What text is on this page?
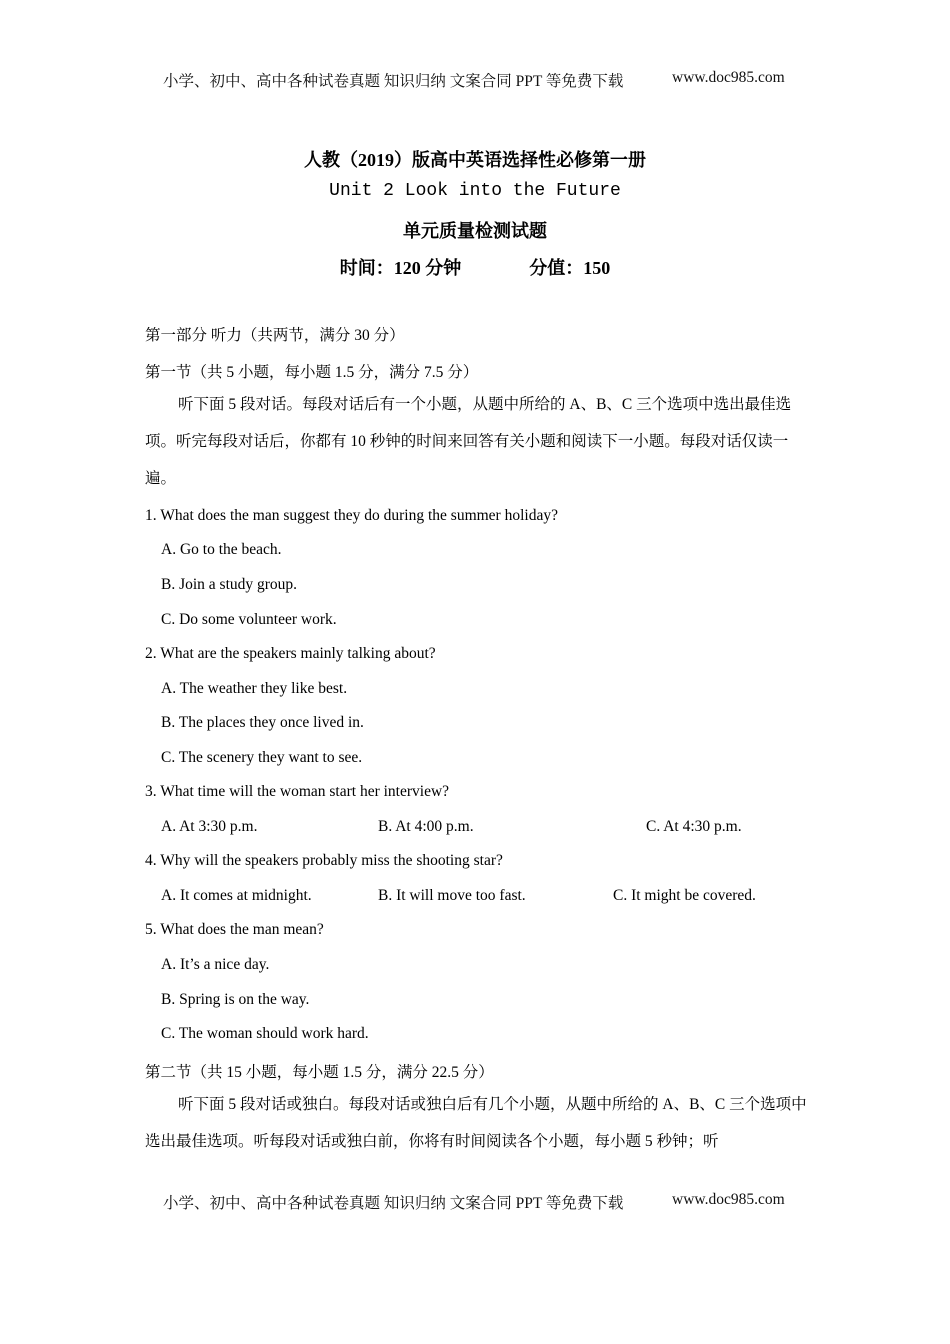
小学、初中、高中各种试卷真题 知识归纳 文案合同 PPT 等免费下载	www.doc985.com
人教（2019）版高中英语选择性必修第一册
Unit 2 Look into the Future
单元质量检测试题
时间：120 分钟	分值：150
第一部分 听力（共两节，满分 30 分）
第一节（共 5 小题，每小题 1.5 分，满分 7.5 分）
听下面 5 段对话。每段对话后有一个小题，从题中所给的 A、B、C 三个选项中选出最佳选项。听完每段对话后，你都有 10 秒钟的时间来回答有关小题和阅读下一小题。每段对话仅读一遍。
1. What does the man suggest they do during the summer holiday?
A. Go to the beach.
B. Join a study group.
C. Do some volunteer work.
2. What are the speakers mainly talking about?
A. The weather they like best.
B. The places they once lived in.
C. The scenery they want to see.
3. What time will the woman start her interview?
A. At 3:30 p.m.	B. At 4:00 p.m.	C. At 4:30 p.m.
4. Why will the speakers probably miss the shooting star?
A. It comes at midnight.	B. It will move too fast.	C. It might be covered.
5. What does the man mean?
A. It’s a nice day.
B. Spring is on the way.
C. The woman should work hard.
第二节（共 15 小题，每小题 1.5 分，满分 22.5 分）
听下面 5 段对话或独白。每段对话或独白后有几个小题，从题中所给的 A、B、C 三个选项中选出最佳选项。听每段对话或独白前，你将有时间阅读各个小题，每小题 5 秒钟；听
小学、初中、高中各种试卷真题 知识归纳 文案合同 PPT 等免费下载	www.doc985.com
